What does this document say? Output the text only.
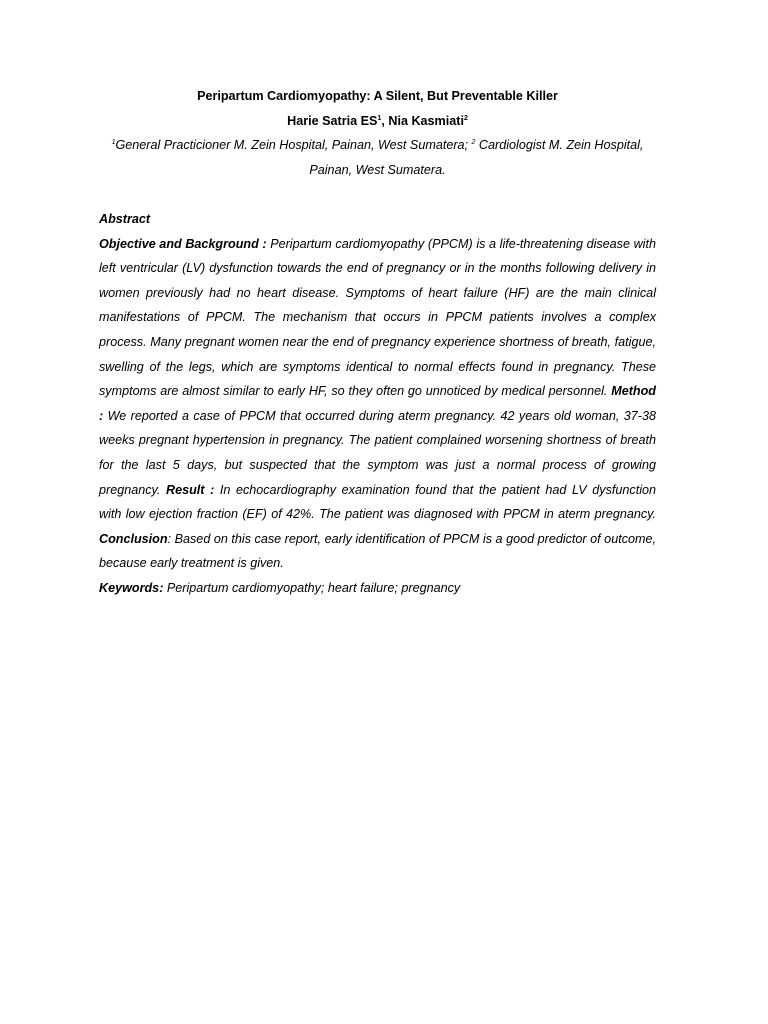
Peripartum Cardiomyopathy: A Silent, But Preventable Killer
Harie Satria $ES^1$, Nia Kasmiati$^2$
$^1$General Practicioner M. Zein Hospital, Painan, West Sumatera; $^2$ Cardiologist M. Zein Hospital, Painan, West Sumatera.
Abstract
Objective and Background : Peripartum cardiomyopathy (PPCM) is a life-threatening disease with left ventricular (LV) dysfunction towards the end of pregnancy or in the months following delivery in women previously had no heart disease. Symptoms of heart failure (HF) are the main clinical manifestations of PPCM. The mechanism that occurs in PPCM patients involves a complex process. Many pregnant women near the end of pregnancy experience shortness of breath, fatigue, swelling of the legs, which are symptoms identical to normal effects found in pregnancy. These symptoms are almost similar to early HF, so they often go unnoticed by medical personnel. Method : We reported a case of PPCM that occurred during aterm pregnancy. 42 years old woman, 37-38 weeks pregnant hypertension in pregnancy. The patient complained worsening shortness of breath for the last 5 days, but suspected that the symptom was just a normal process of growing pregnancy. Result : In echocardiography examination found that the patient had LV dysfunction with low ejection fraction (EF) of 42%. The patient was diagnosed with PPCM in aterm pregnancy. Conclusion: Based on this case report, early identification of PPCM is a good predictor of outcome, because early treatment is given.
Keywords: Peripartum cardiomyopathy; heart failure; pregnancy
